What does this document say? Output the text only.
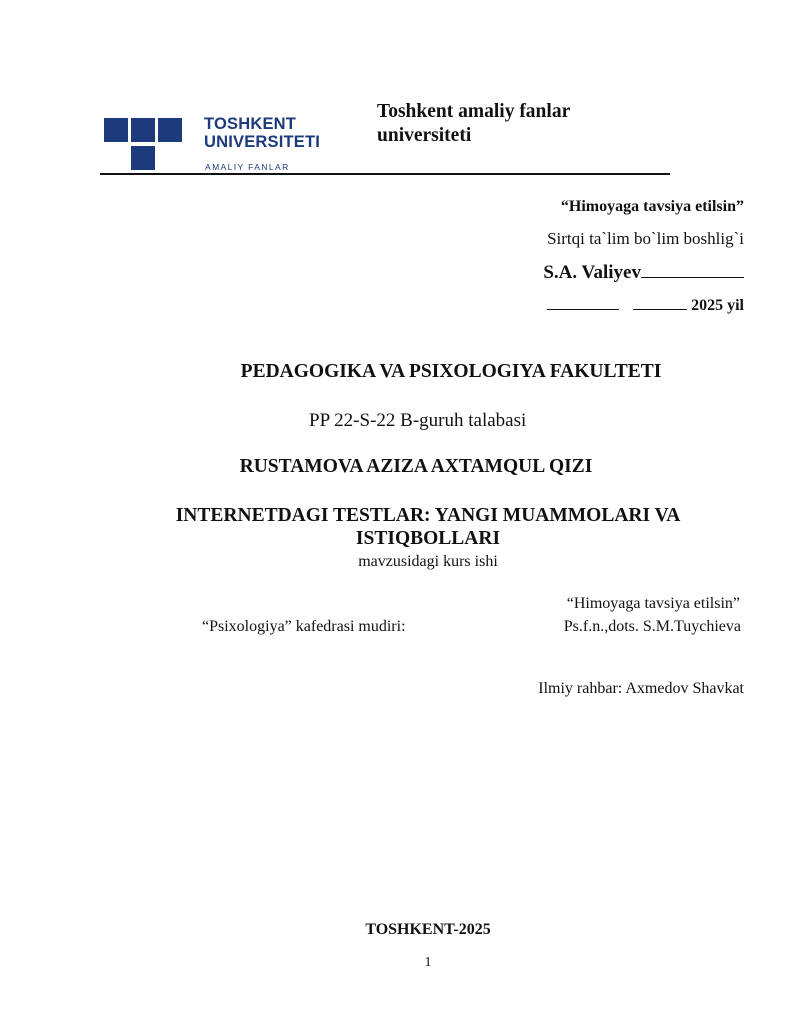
TOSHKENT
UNIVERSITETI
AMALIY FANLAR
Toshkent amaliy fanlar
universiteti
“Himoyaga tavsiya etilsin”
Sirtqi ta`lim bo`lim boshlig`i
S.A. Valiyev
2025 yil
PEDAGOGIKA VA PSIXOLOGIYA FAKULTETI
PP 22-S-22 B-guruh talabasi
RUSTAMOVA AZIZA AXTAMQUL QIZI
INTERNETDAGI TESTLAR: YANGI MUAMMOLARI VA
ISTIQBOLLARI
mavzusidagi kurs ishi
“Himoyaga tavsiya etilsin”
“Psixologiya” kafedrasi mudiri:	Ps.f.n.,dots. S.M.Tuychieva
Ilmiy rahbar: Axmedov Shavkat
TOSHKENT-2025
1
